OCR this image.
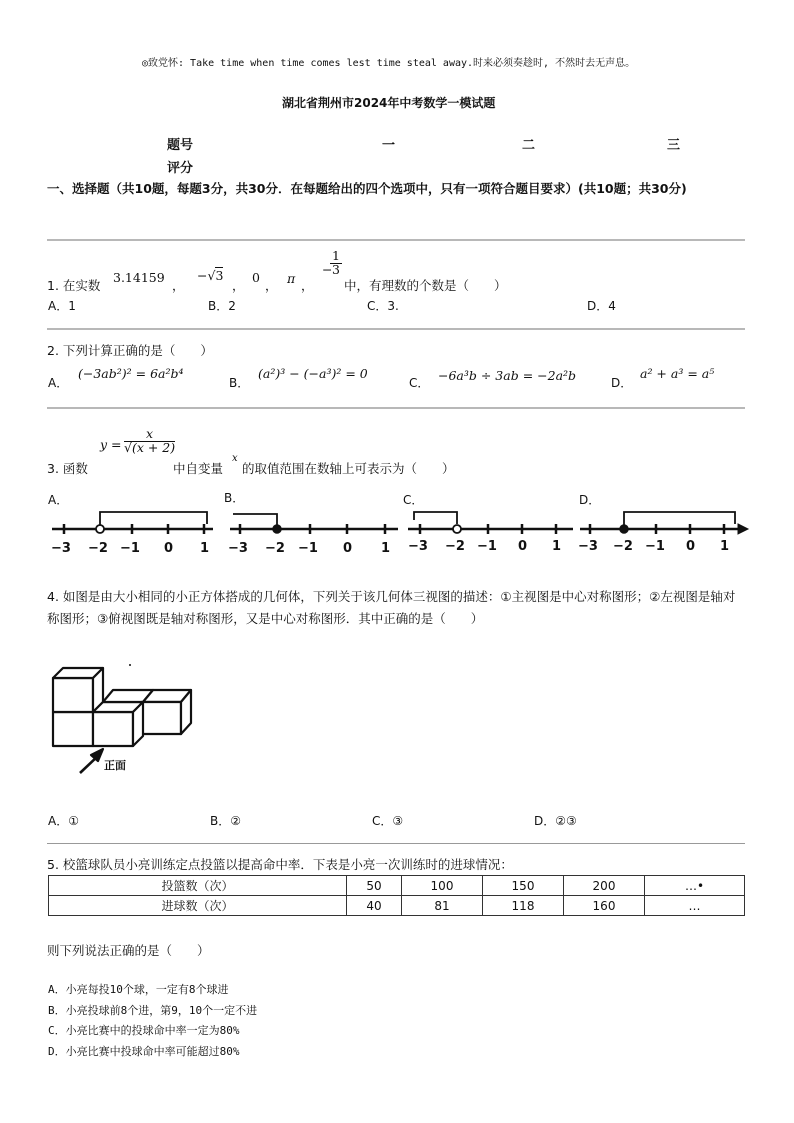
◎致党怀: Take time when time comes lest time steal away.时来必须奏趁时, 不然时去无声息。
湖北省荆州市2024年中考数学一模试题
题号	一	二	三
评分
一、选择题（共10题，每题3分，共30分．在每题给出的四个选项中，只有一项符合题目要求）(共10题；共30分)
1. 在实数
3.14159
，
−√3
，
0
， π ，
−
$\frac{1}{3}$
中，有理数的个数是（　　）
A．1	B．2	C．3.	D．4
2. 下列计算正确的是（　　）
A．
(−3ab²)² = 6a²b⁴
B．
(a²)³ − (−a³)² = 0
C． −6a³b ÷ 3ab = −2a²b	D．
a² + a³ = a⁵
$y = \frac{x}{√(x + 2)}$
3. 函数	中自变量
x
的取值范围在数轴上可表示为（　　）
A．	B．	C．	D．
−3 −2 −1 0 1 −3 −2 −1 0 1 −3 −2 −1 0 1 −3 −2 −1 0 1
4. 如图是由大小相同的小正方体搭成的几何体，下列关于该几何体三视图的描述：①主视图是中心对称图形；②左视图是轴对称图形；③俯视图既是轴对称图形，又是中心对称图形．其中正确的是（　　）
正面
A．①	B．②	C．③	D．②③
5. 校篮球队员小亮训练定点投篮以提高命中率．下表是小亮一次训练时的进球情况：
投篮数（次）	50	100	150	200	…•
进球数（次）	40	81	118	160	…
则下列说法正确的是（　　）
A．小亮每投10个球，一定有8个球进
B．小亮投球前8个进，第9，10个一定不进
C．小亮比赛中的投球命中率一定为80%
D．小亮比赛中投球命中率可能超过80%
